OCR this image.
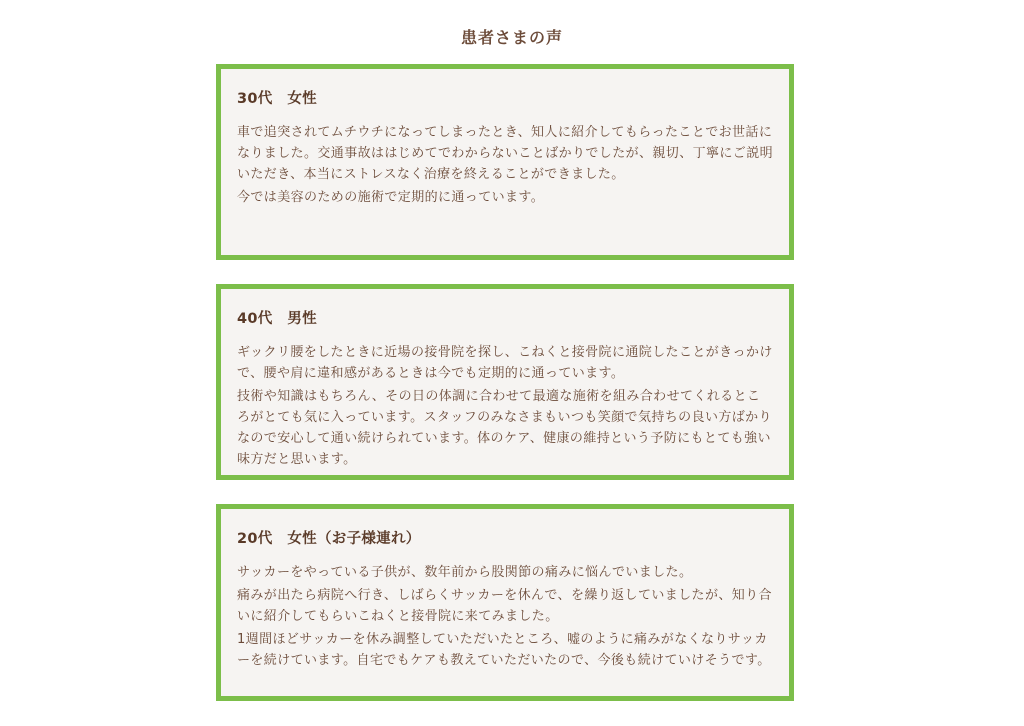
患者さまの声
30代　女性

車で追突されてムチウチになってしまったとき、知人に紹介してもらったことでお世話になりました。交通事故ははじめてでわからないことばかりでしたが、親切、丁寧にご説明いただき、本当にストレスなく治療を終えることができました。

今では美容のための施術で定期的に通っています。

40代　男性

ギックリ腰をしたときに近場の接骨院を探し、こねくと接骨院に通院したことがきっかけで、腰や肩に違和感があるときは今でも定期的に通っています。

技術や知識はもちろん、その日の体調に合わせて最適な施術を組み合わせてくれるところがとても気に入っています。スタッフのみなさまもいつも笑顔で気持ちの良い方ばかりなので安心して通い続けられています。体のケア、健康の維持という予防にもとても強い味方だと思います。

20代　女性（お子様連れ）

サッカーをやっている子供が、数年前から股関節の痛みに悩んでいました。

痛みが出たら病院へ行き、しばらくサッカーを休んで、を繰り返していましたが、知り合いに紹介してもらいこねくと接骨院に来てみました。

1週間ほどサッカーを休み調整していただいたところ、嘘のように痛みがなくなりサッカーを続けています。自宅でもケアも教えていただいたので、今後も続けていけそうです。
